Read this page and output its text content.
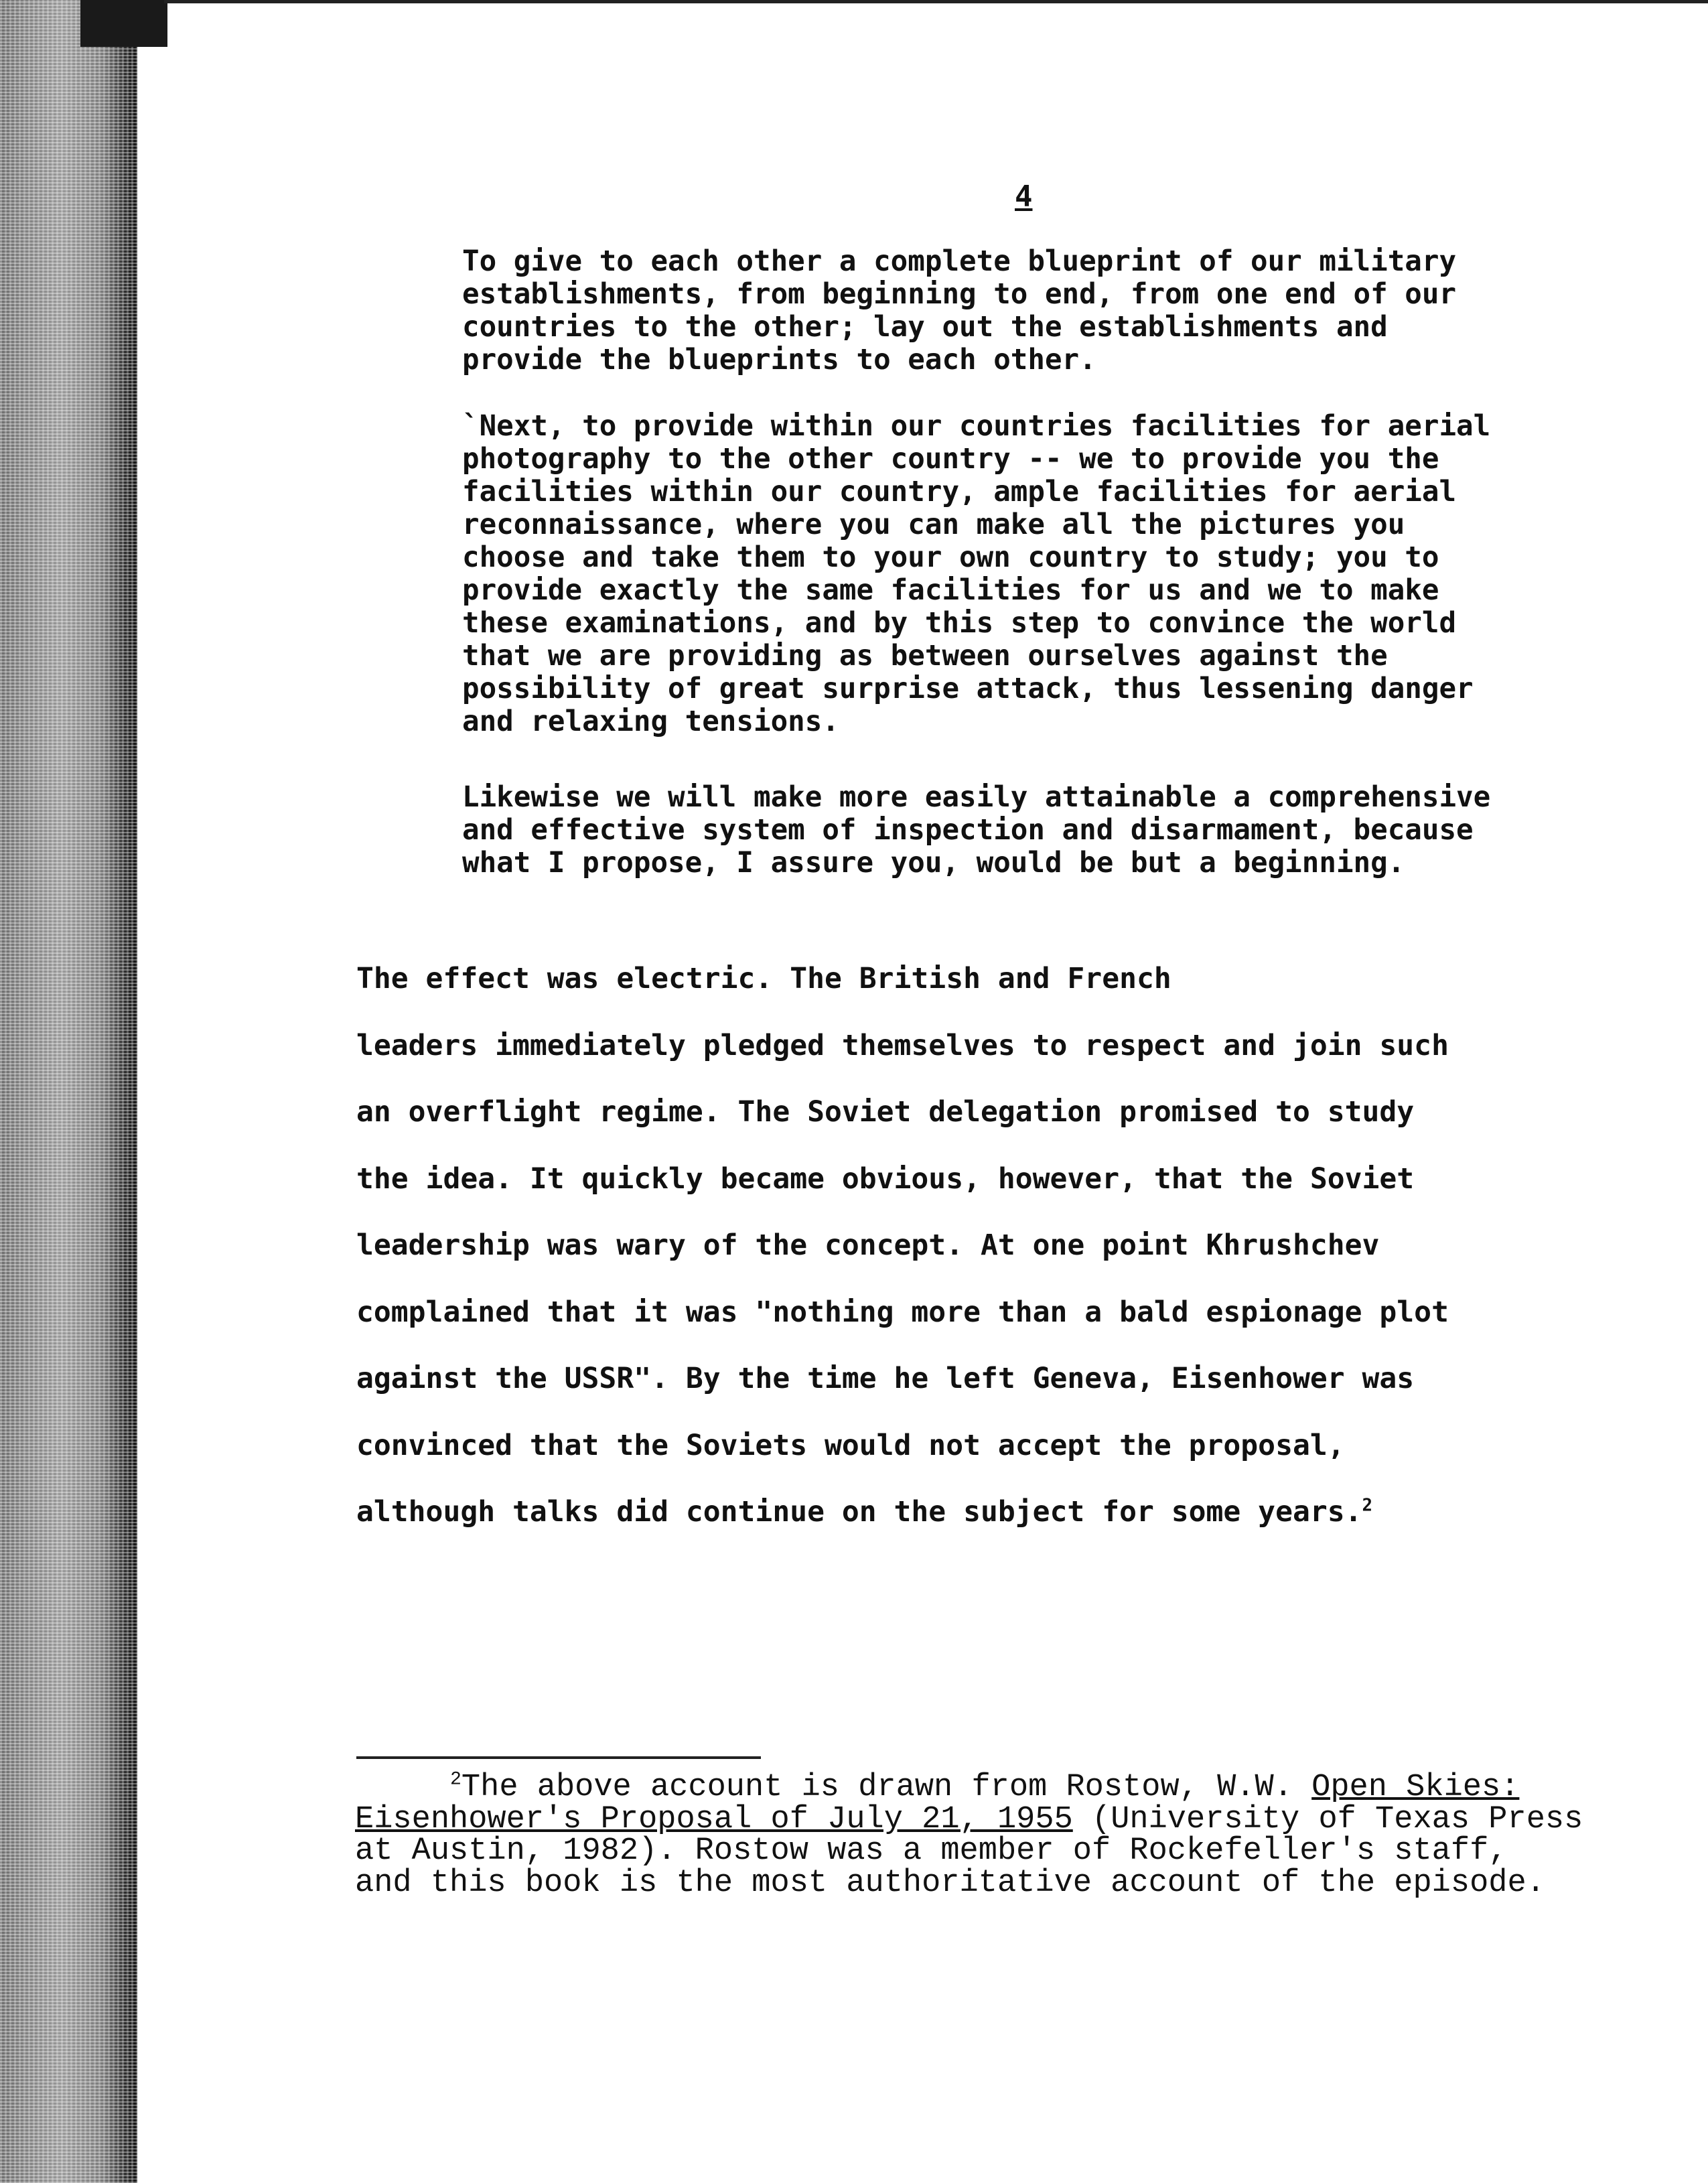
4

To give to each other a complete blueprint of our military
establishments, from beginning to end, from one end of our
countries to the other; lay out the establishments and
provide the blueprints to each other.

`Next, to provide within our countries facilities for aerial
photography to the other country -- we to provide you the
facilities within our country, ample facilities for aerial
reconnaissance, where you can make all the pictures you
choose and take them to your own country to study; you to
provide exactly the same facilities for us and we to make
these examinations, and by this step to convince the world
that we are providing as between ourselves against the
possibility of great surprise attack, thus lessening danger
and relaxing tensions.

Likewise we will make more easily attainable a comprehensive
and effective system of inspection and disarmament, because
what I propose, I assure you, would be but a beginning.

The effect was electric. The British and French
leaders immediately pledged themselves to respect and join such
an overflight regime. The Soviet delegation promised to study
the idea. It quickly became obvious, however, that the Soviet
leadership was wary of the concept. At one point Khrushchev
complained that it was "nothing more than a bald espionage plot
against the USSR". By the time he left Geneva, Eisenhower was
convinced that the Soviets would not accept the proposal,
although talks did continue on the subject for some years.$^2$

$^2$The above account is drawn from Rostow, W.W. Open Skies:
Eisenhower's Proposal of July 21, 1955 (University of Texas Press
at Austin, 1982). Rostow was a member of Rockefeller's staff,
and this book is the most authoritative account of the episode.
